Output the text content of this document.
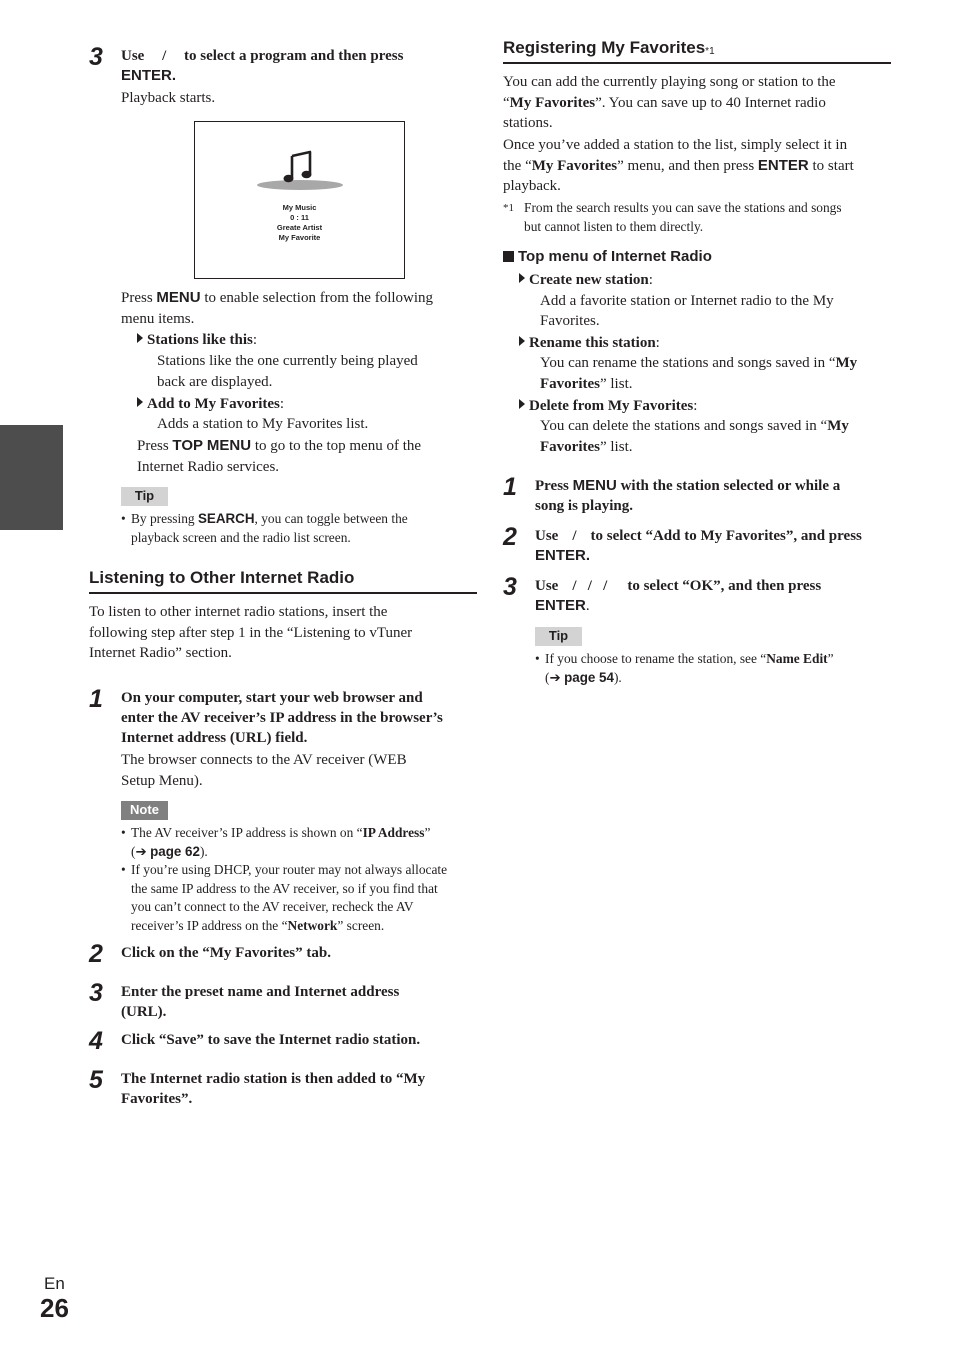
3 Use / to select a program and then press
ENTER.
Playback starts.
My Music
0 : 11
Greate Artist
My Favorite
Press MENU to enable selection from the following
menu items.
Stations like this:
Stations like the one currently being played
back are displayed.
Add to My Favorites:
Adds a station to My Favorites list.
Press TOP MENU to go to the top menu of the
Internet Radio services.
Tip
• By pressing SEARCH, you can toggle between the
playback screen and the radio list screen.
Listening to Other Internet Radio
To listen to other internet radio stations, insert the
following step after step 1 in the “Listening to vTuner
Internet Radio” section.
1 On your computer, start your web browser and
enter the AV receiver’s IP address in the browser’s
Internet address (URL) field.
The browser connects to the AV receiver (WEB
Setup Menu).
Note
• The AV receiver’s IP address is shown on “IP Address”
(➔ page 62).
• If you’re using DHCP, your router may not always allocate
the same IP address to the AV receiver, so if you find that
you can’t connect to the AV receiver, recheck the AV
receiver’s IP address on the “Network” screen.
2 Click on the “My Favorites” tab.
3 Enter the preset name and Internet address
(URL).
4 Click “Save” to save the Internet radio station.
5 The Internet radio station is then added to “My
Favorites”.
Registering My Favorites$^{*1}$
You can add the currently playing song or station to the
“My Favorites”. You can save up to 40 Internet radio
stations.
Once you’ve added a station to the list, simply select it in
the “My Favorites” menu, and then press ENTER to start
playback.
*1 From the search results you can save the stations and songs
but cannot listen to them directly.
Top menu of Internet Radio
Create new station:
Add a favorite station or Internet radio to the My
Favorites.
Rename this station:
You can rename the stations and songs saved in “My
Favorites” list.
Delete from My Favorites:
You can delete the stations and songs saved in “My
Favorites” list.
1 Press MENU with the station selected or while a
song is playing.
2 Use / to select “Add to My Favorites”, and press
ENTER.
3 Use /   /   / to select “OK”, and then press
ENTER.
Tip
• If you choose to rename the station, see “Name Edit”
(➔ page 54).
En
26
